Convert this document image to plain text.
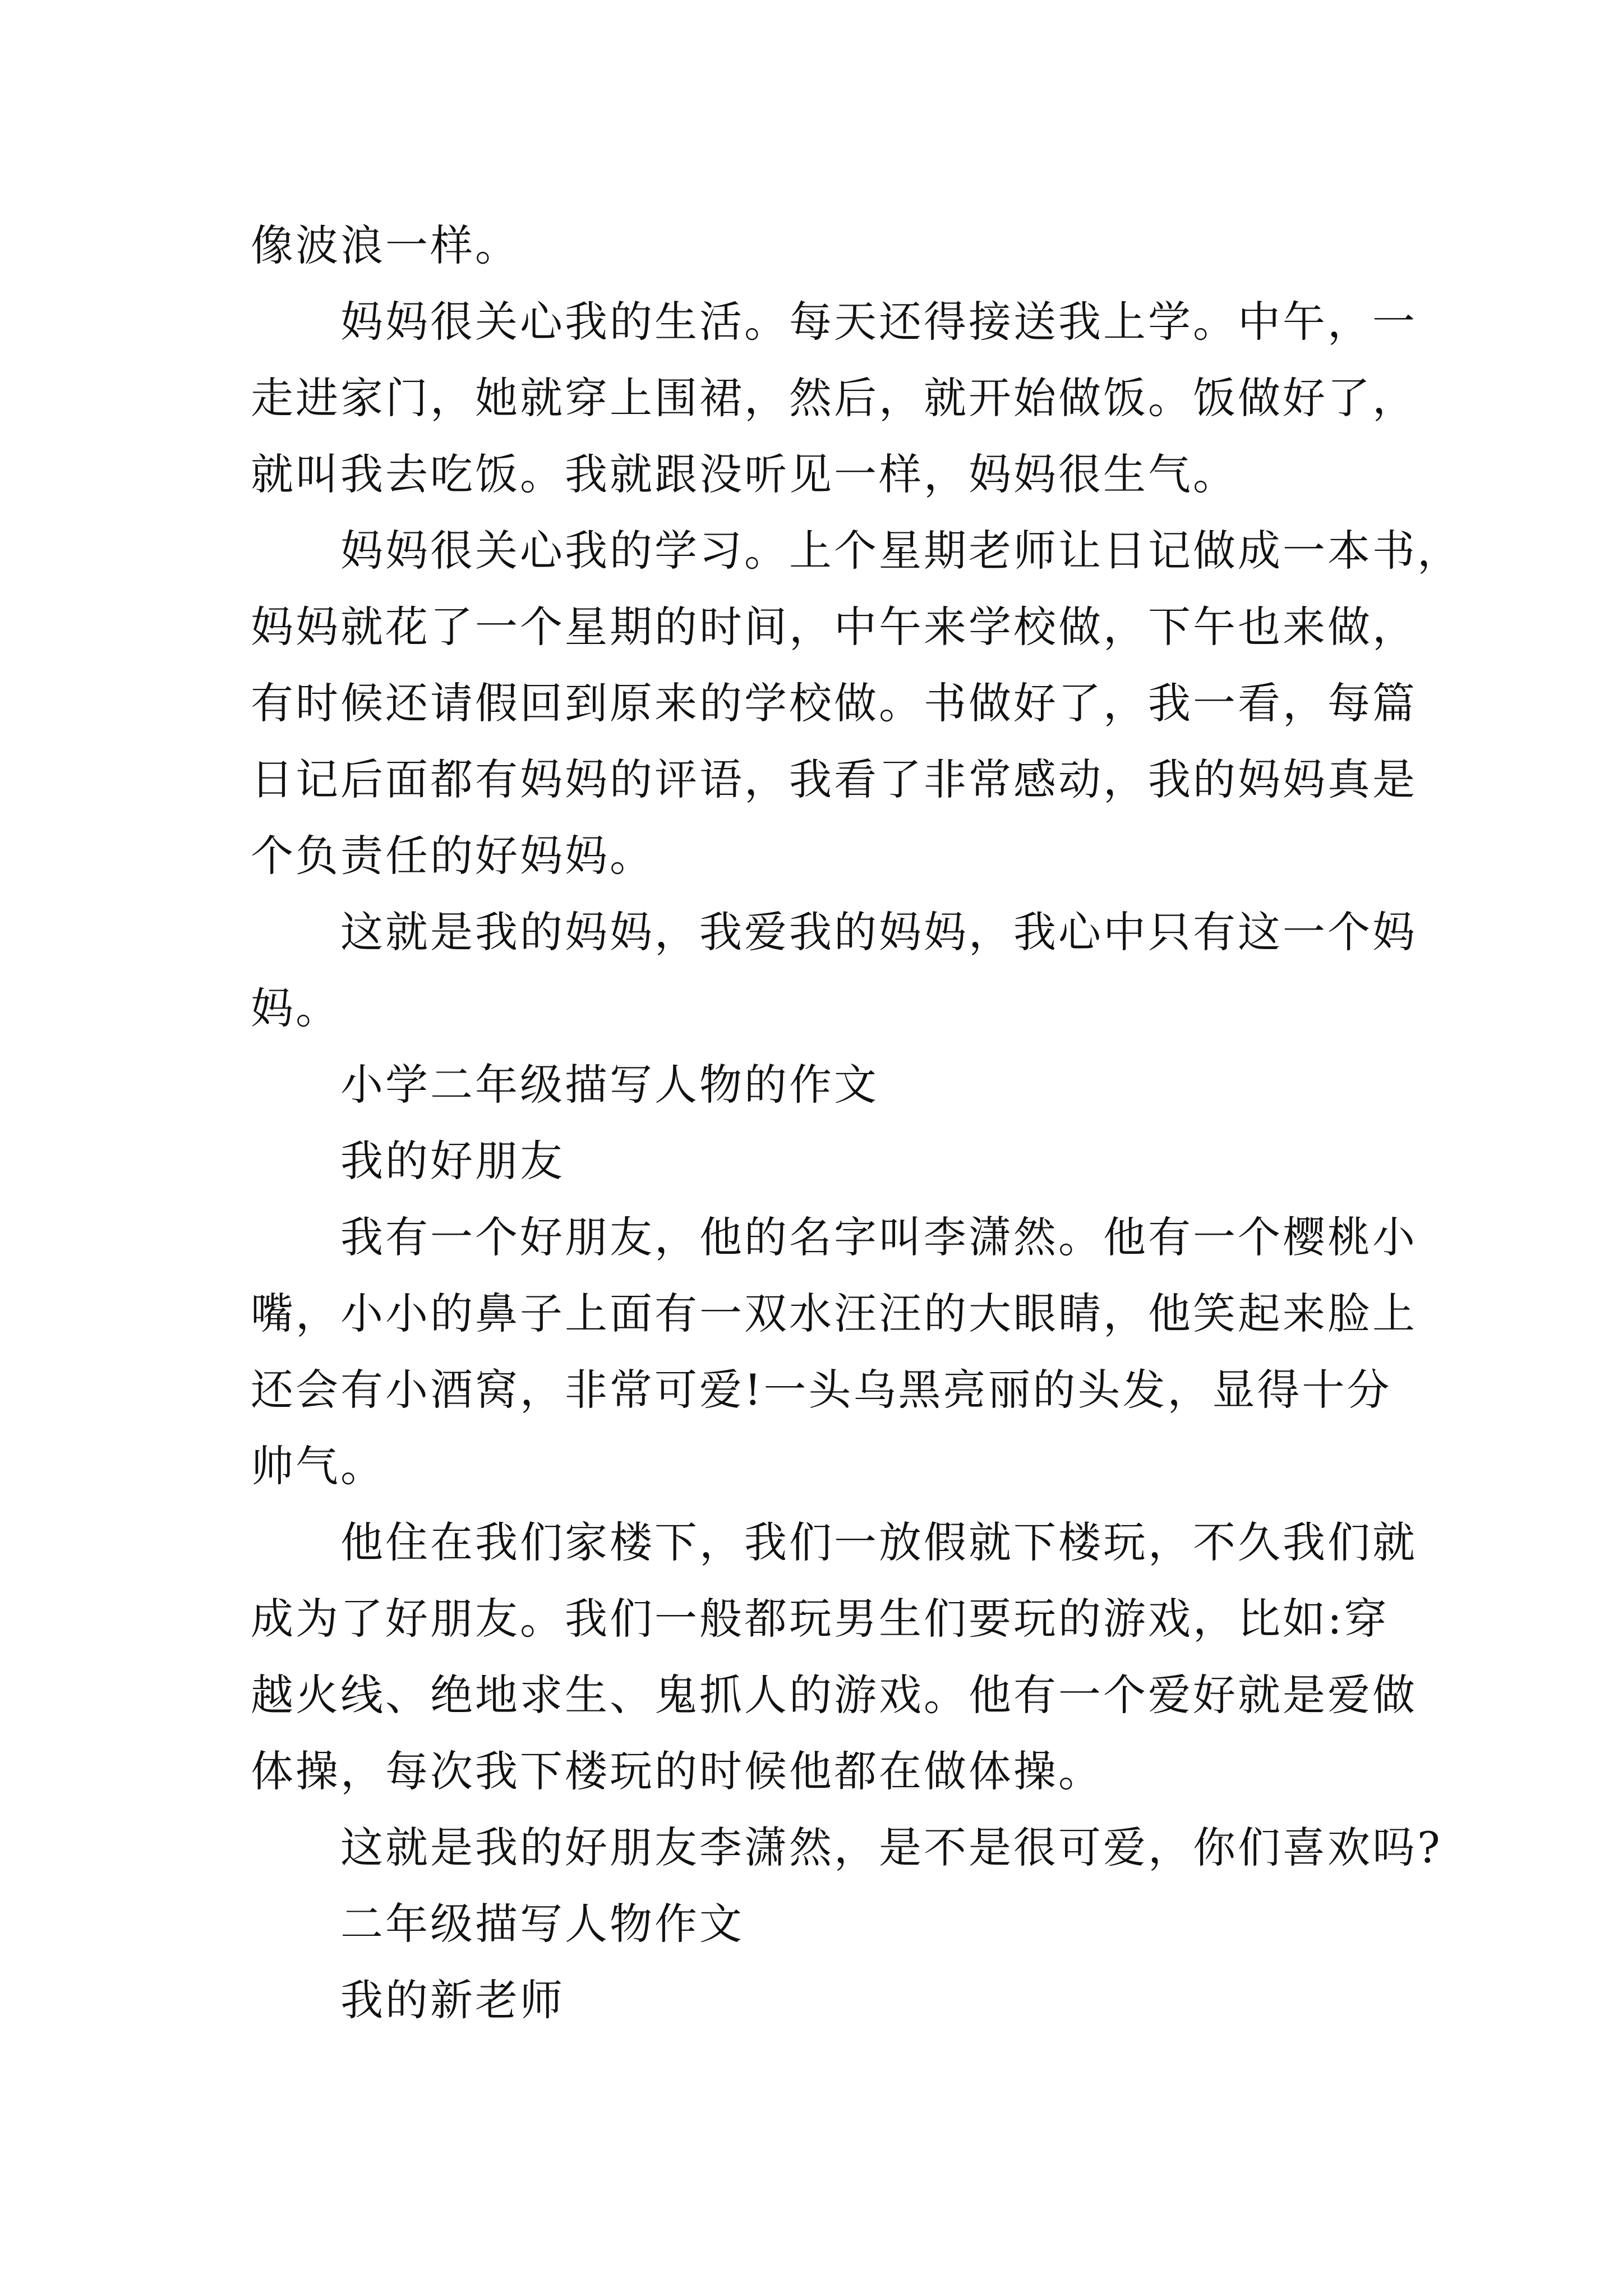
像波浪一样。
妈妈很关心我的生活。每天还得接送我上学。中午，一
走进家门，她就穿上围裙，然后，就开始做饭。饭做好了，
就叫我去吃饭。我就跟没听见一样，妈妈很生气。
妈妈很关心我的学习。上个星期老师让日记做成一本书，
妈妈就花了一个星期的时间，中午来学校做，下午也来做，
有时候还请假回到原来的学校做。书做好了，我一看，每篇
日记后面都有妈妈的评语，我看了非常感动，我的妈妈真是
个负责任的好妈妈。
这就是我的妈妈，我爱我的妈妈，我心中只有这一个妈
妈。
小学二年级描写人物的作文
我的好朋友
我有一个好朋友，他的名字叫李潇然。他有一个樱桃小
嘴，小小的鼻子上面有一双水汪汪的大眼睛，他笑起来脸上
还会有小酒窝，非常可爱!一头乌黑亮丽的头发，显得十分
帅气。
他住在我们家楼下，我们一放假就下楼玩，不久我们就
成为了好朋友。我们一般都玩男生们要玩的游戏，比如:穿
越火线、绝地求生、鬼抓人的游戏。他有一个爱好就是爱做
体操，每次我下楼玩的时候他都在做体操。
这就是我的好朋友李潇然，是不是很可爱，你们喜欢吗?
二年级描写人物作文
我的新老师
